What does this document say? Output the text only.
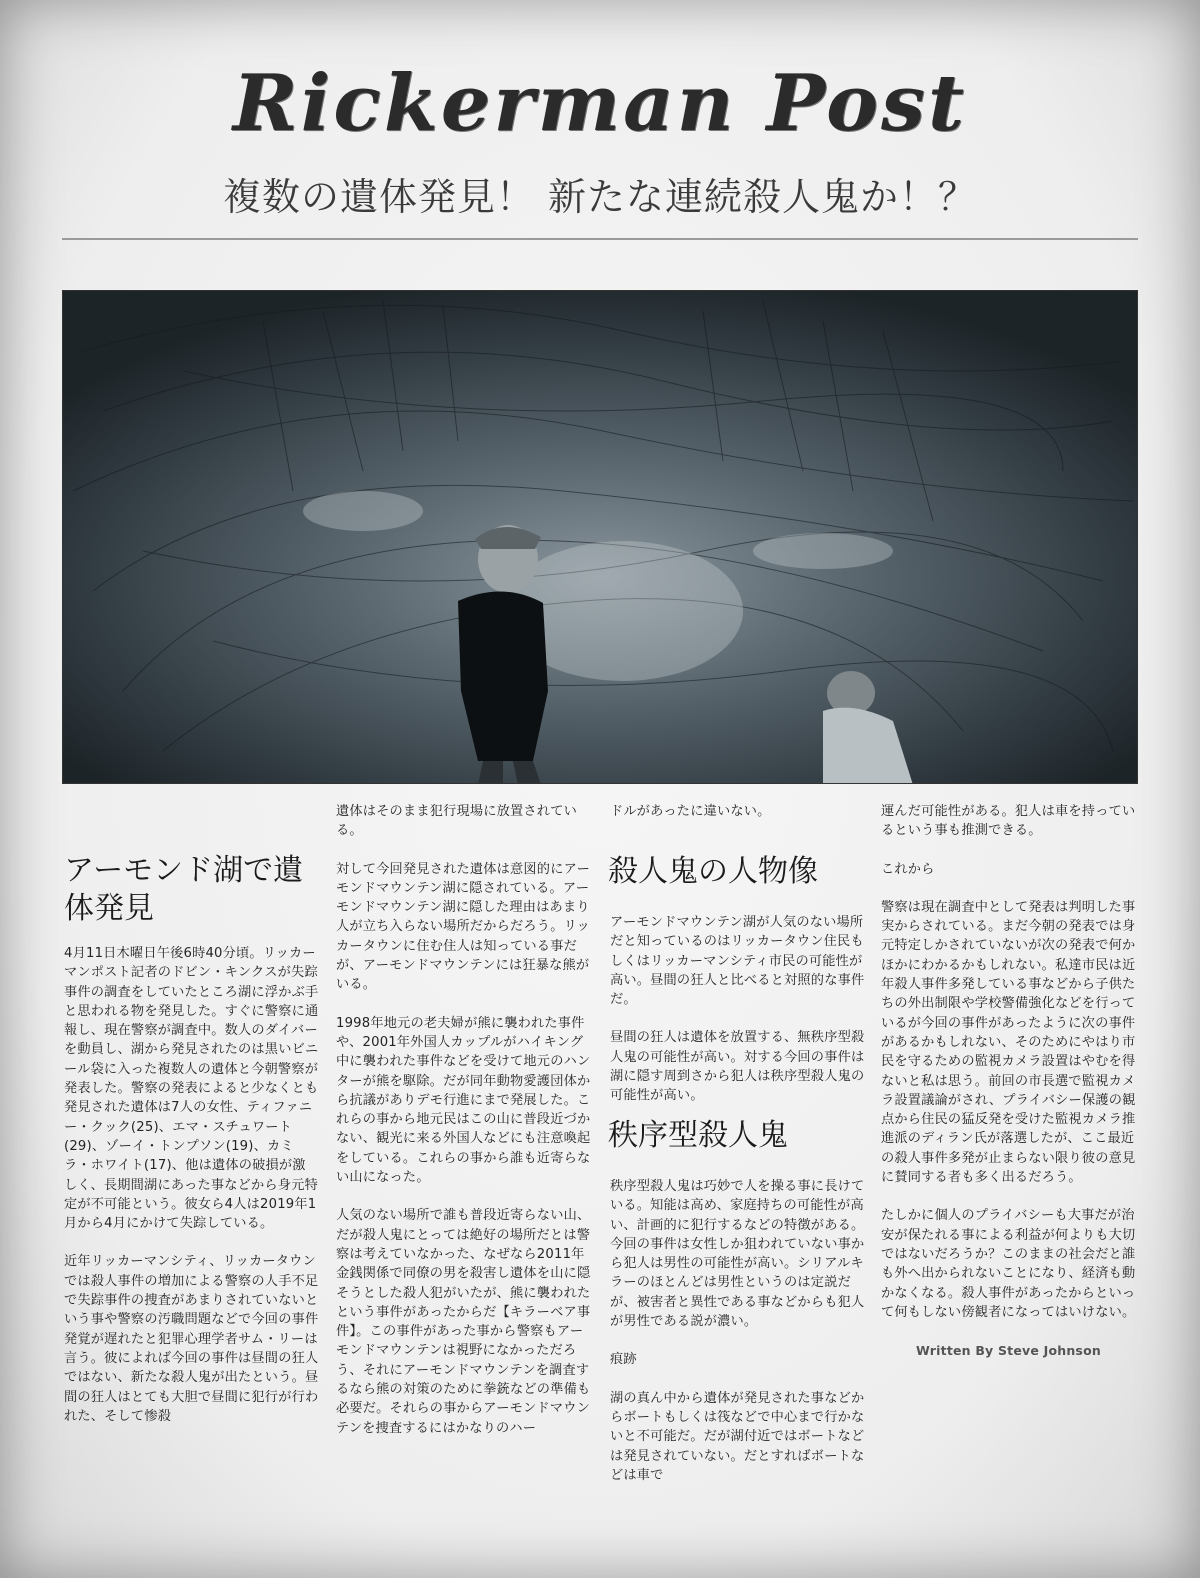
Rickerman Post
複数の遺体発見！ 新たな連続殺人鬼か！？
アーモンド湖で遺体発見

4月11日木曜日午後6時40分頃。リッカーマンポスト記者のドビン・キンクスが失踪事件の調査をしていたところ湖に浮かぶ手と思われる物を発見した。すぐに警察に通報し、現在警察が調査中。数人のダイバーを動員し、湖から発見されたのは黒いビニール袋に入った複数人の遺体と今朝警察が発表した。警察の発表によると少なくとも発見された遺体は7人の女性、ティファニー・クック(25)、エマ・スチュワート(29)、ゾーイ・トンプソン(19)、カミラ・ホワイト(17)、他は遺体の破損が激しく、長期間湖にあった事などから身元特定が不可能という。彼女ら4人は2019年1月から4月にかけて失踪している。

近年リッカーマンシティ、リッカータウンでは殺人事件の増加による警察の人手不足で失踪事件の捜査があまりされていないという事や警察の汚職問題などで今回の事件発覚が遅れたと犯罪心理学者サム・リーは言う。彼によれば今回の事件は昼間の狂人ではない、新たな殺人鬼が出たという。昼間の狂人はとても大胆で昼間に犯行が行われた、そして惨殺

遺体はそのまま犯行現場に放置されている。

対して今回発見された遺体は意図的にアーモンドマウンテン湖に隠されている。アーモンドマウンテン湖に隠した理由はあまり人が立ち入らない場所だからだろう。リッカータウンに住む住人は知っている事だが、アーモンドマウンテンには狂暴な熊がいる。

1998年地元の老夫婦が熊に襲われた事件や、2001年外国人カップルがハイキング中に襲われた事件などを受けて地元のハンターが熊を駆除。だが同年動物愛護団体から抗議がありデモ行進にまで発展した。これらの事から地元民はこの山に普段近づかない、観光に来る外国人などにも注意喚起をしている。これらの事から誰も近寄らない山になった。

人気のない場所で誰も普段近寄らない山、だが殺人鬼にとっては絶好の場所だとは警察は考えていなかった、なぜなら2011年金銭関係で同僚の男を殺害し遺体を山に隠そうとした殺人犯がいたが、熊に襲われたという事件があったからだ【キラーベア事件】。この事件があった事から警察もアーモンドマウンテンは視野になかっただろう、それにアーモンドマウンテンを調査するなら熊の対策のために拳銃などの準備も必要だ。それらの事からアーモンドマウンテンを捜査するにはかなりのハー

ドルがあったに違いない。

殺人鬼の人物像

アーモンドマウンテン湖が人気のない場所だと知っているのはリッカータウン住民もしくはリッカーマンシティ市民の可能性が高い。昼間の狂人と比べると対照的な事件だ。

昼間の狂人は遺体を放置する、無秩序型殺人鬼の可能性が高い。対する今回の事件は湖に隠す周到さから犯人は秩序型殺人鬼の可能性が高い。

秩序型殺人鬼

秩序型殺人鬼は巧妙で人を操る事に長けている。知能は高め、家庭持ちの可能性が高い、計画的に犯行するなどの特徴がある。今回の事件は女性しか狙われていない事から犯人は男性の可能性が高い。シリアルキラーのほとんどは男性というのは定説だが、被害者と異性である事などからも犯人が男性である説が濃い。

痕跡

湖の真ん中から遺体が発見された事などからボートもしくは筏などで中心まで行かないと不可能だ。だが湖付近ではボートなどは発見されていない。だとすればボートなどは車で

運んだ可能性がある。犯人は車を持っているという事も推測できる。

これから

警察は現在調査中として発表は判明した事実からされている。まだ今朝の発表では身元特定しかされていないが次の発表で何かほかにわかるかもしれない。私達市民は近年殺人事件多発している事などから子供たちの外出制限や学校警備強化などを行っているが今回の事件があったように次の事件があるかもしれない、そのためにやはり市民を守るための監視カメラ設置はやむを得ないと私は思う。前回の市長選で監視カメラ設置議論がされ、プライバシー保護の観点から住民の猛反発を受けた監視カメラ推進派のディラン氏が落選したが、ここ最近の殺人事件多発が止まらない限り彼の意見に賛同する者も多く出るだろう。

たしかに個人のプライバシーも大事だが治安が保たれる事による利益が何よりも大切ではないだろうか？このままの社会だと誰も外へ出かられないことになり、経済も動かなくなる。殺人事件があったからといって何もしない傍観者になってはいけない。

Written By Steve Johnson
